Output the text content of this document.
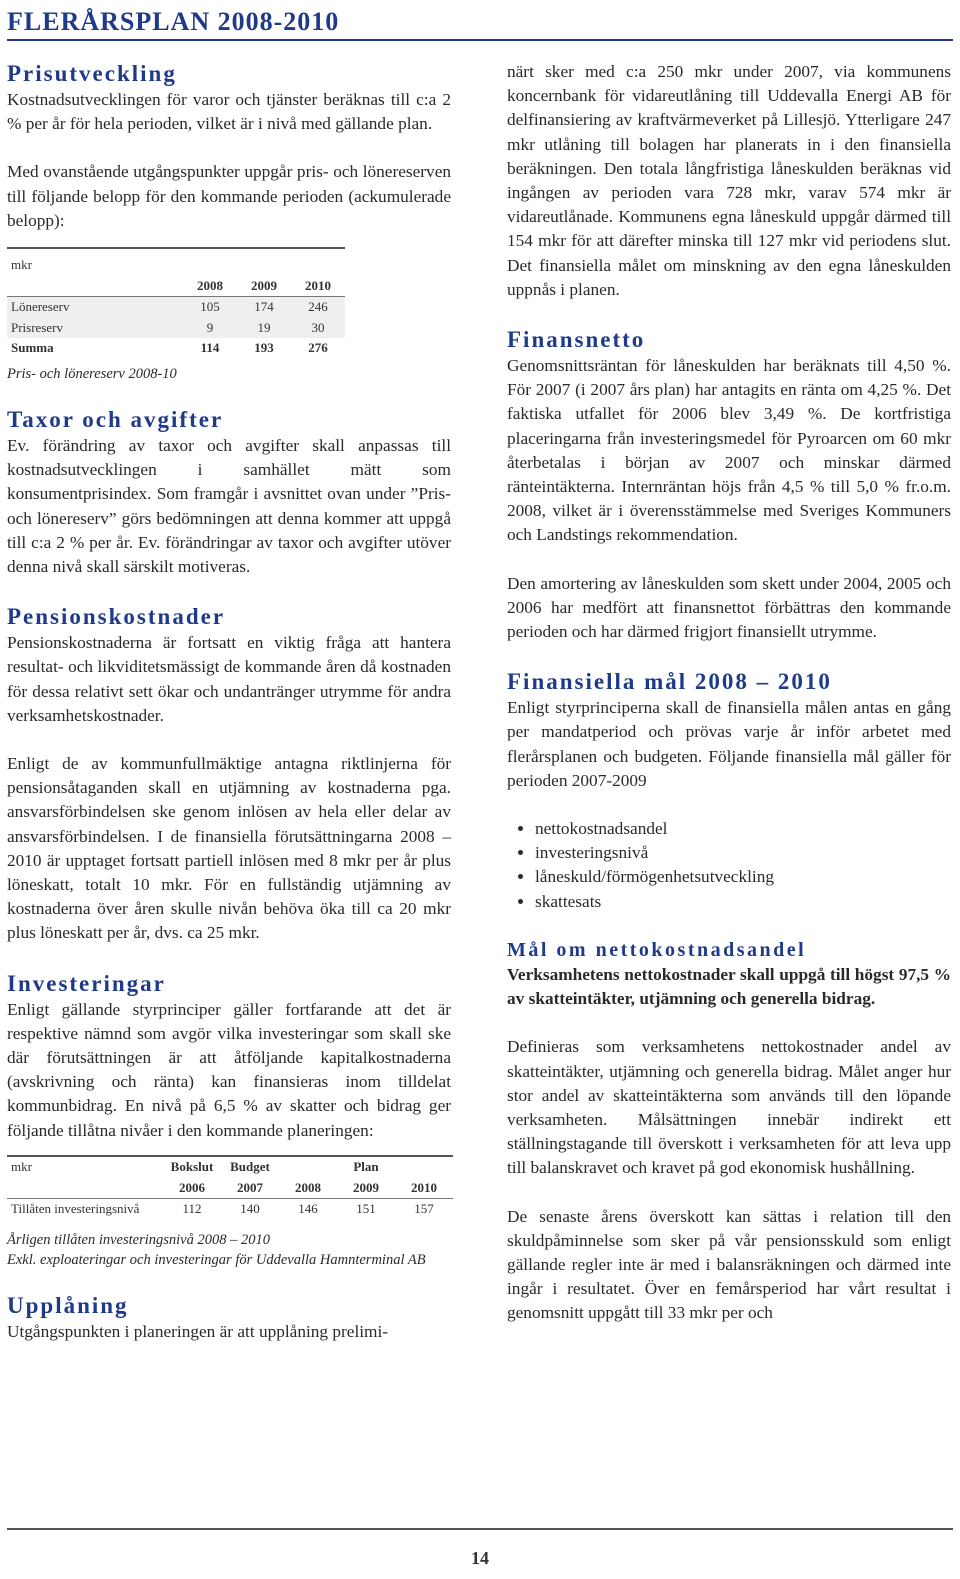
FLERÅRSPLAN 2008-2010
Prisutveckling

Kostnadsutvecklingen för varor och tjänster beräknas till c:a 2 % per år för hela perioden, vilket är i nivå med gällande plan.

Med ovanstående utgångspunkter uppgår pris- och lönereserven till följande belopp för den kommande perioden (ackumulerade belopp):

mkr			
	2008	2009	2010
Lönereserv	105	174	246
Prisreserv	9	19	30
Summa	114	193	276
Pris- och lönereserv 2008-10
Taxor och avgifter

Ev. förändring av taxor och avgifter skall anpassas till kostnadsutvecklingen i samhället mätt som konsumentprisindex. Som framgår i avsnittet ovan under ”Pris- och lönereserv” görs bedömningen att denna kommer att uppgå till c:a 2 % per år. Ev. förändringar av taxor och avgifter utöver denna nivå skall särskilt motiveras.

Pensionskostnader

Pensionskostnaderna är fortsatt en viktig fråga att hantera resultat- och likviditetsmässigt de kommande åren då kostnaden för dessa relativt sett ökar och undantränger utrymme för andra verksamhetskostnader.

Enligt de av kommunfullmäktige antagna riktlinjerna för pensionsåtaganden skall en utjämning av kostnaderna pga. ansvarsförbindelsen ske genom inlösen av hela eller delar av ansvarsförbindelsen. I de finansiella förutsättningarna 2008 – 2010 är upptaget fortsatt partiell inlösen med 8 mkr per år plus löneskatt, totalt 10 mkr. För en fullständig utjämning av kostnaderna över åren skulle nivån behöva öka till ca 20 mkr plus löneskatt per år, dvs. ca 25 mkr.

Investeringar

Enligt gällande styrprinciper gäller fortfarande att det är respektive nämnd som avgör vilka investeringar som skall ske där förutsättningen är att åtföljande kapitalkostnaderna (avskrivning och ränta) kan finansieras inom tilldelat kommunbidrag. En nivå på 6,5 % av skatter och bidrag ger följande tillåtna nivåer i den kommande planeringen:

mkr	Bokslut	Budget		Plan	
	2006	2007	2008	2009	2010
Tillåten investeringsnivå	112	140	146	151	157
Årligen tillåten investeringsnivå 2008 – 2010
Exkl. exploateringar och investeringar för Uddevalla Hamnterminal AB
Upplåning

Utgångspunkten i planeringen är att upplåning prelimi-

närt sker med c:a 250 mkr under 2007, via kommunens koncernbank för vidareutlåning till Uddevalla Energi AB för delfinansiering av kraftvärmeverket på Lillesjö. Ytterligare 247 mkr utlåning till bolagen har planerats in i den finansiella beräkningen. Den totala långfristiga låneskulden beräknas vid ingången av perioden vara 728 mkr, varav 574 mkr är vidareutlånade. Kommunens egna låneskuld uppgår därmed till 154 mkr för att därefter minska till 127 mkr vid periodens slut. Det finansiella målet om minskning av den egna låneskulden uppnås i planen.

Finansnetto

Genomsnittsräntan för låneskulden har beräknats till 4,50 %. För 2007 (i 2007 års plan) har antagits en ränta om 4,25 %. Det faktiska utfallet för 2006 blev 3,49 %. De kortfristiga placeringarna från investeringsmedel för Pyroarcen om 60 mkr återbetalas i början av 2007 och minskar därmed ränteintäkterna. Internräntan höjs från 4,5 % till 5,0 % fr.o.m. 2008, vilket är i överensstämmelse med Sveriges Kommuners och Landstings rekommendation.

Den amortering av låneskulden som skett under 2004, 2005 och 2006 har medfört att finansnettot förbättras den kommande perioden och har därmed frigjort finansiellt utrymme.

Finansiella mål 2008 – 2010

Enligt styrprinciperna skall de finansiella målen antas en gång per mandatperiod och prövas varje år inför arbetet med flerårsplanen och budgeten. Följande finansiella mål gäller för perioden 2007-2009

• nettokostnadsandel
• investeringsnivå
• låneskuld/förmögenhetsutveckling
• skattesats
Mål om nettokostnadsandel

Verksamhetens nettokostnader skall uppgå till högst 97,5 % av skatteintäkter, utjämning och generella bidrag.

Definieras som verksamhetens nettokostnader andel av skatteintäkter, utjämning och generella bidrag. Målet anger hur stor andel av skatteintäkterna som används till den löpande verksamheten. Målsättningen innebär indirekt ett ställningstagande till överskott i verksamheten för att leva upp till balanskravet och kravet på god ekonomisk hushållning.

De senaste årens överskott kan sättas i relation till den skuldpåminnelse som sker på vår pensionsskuld som enligt gällande regler inte är med i balansräkningen och därmed inte ingår i resultatet. Över en femårsperiod har vårt resultat i genomsnitt uppgått till 33 mkr per och

14
